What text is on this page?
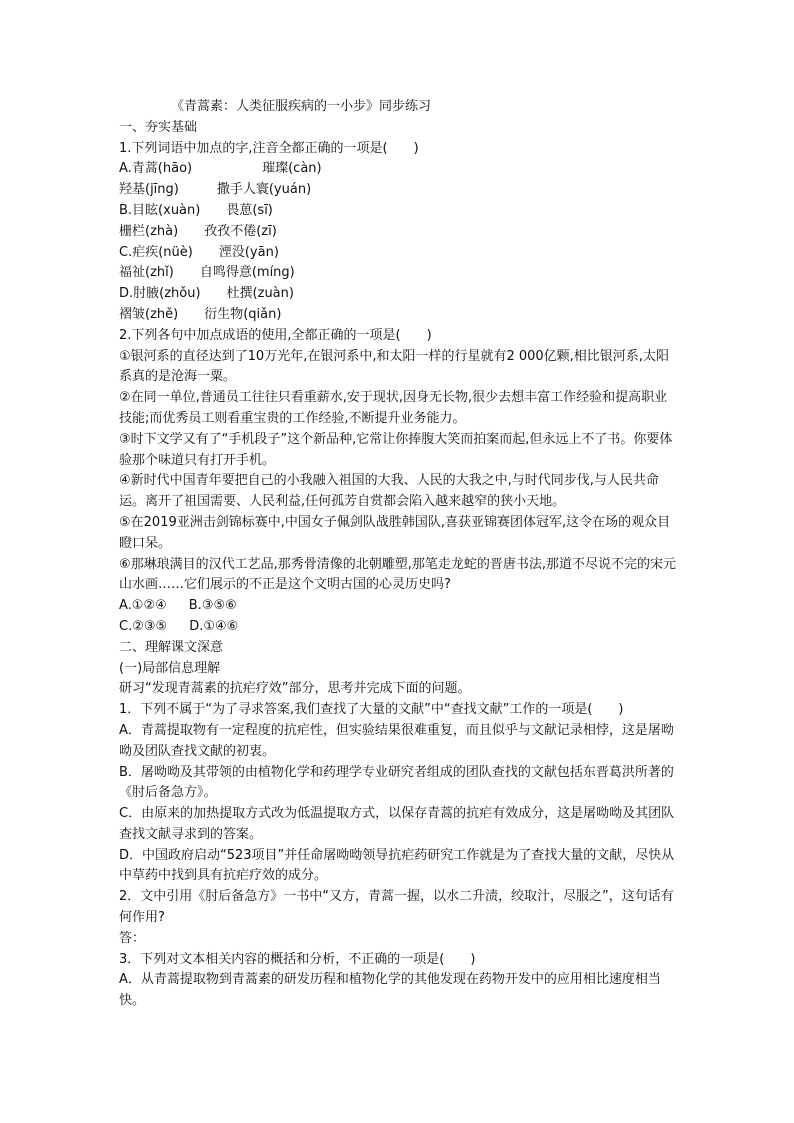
《青蒿素：人类征服疾病的一小步》同步练习
一、夯实基础
1.下列词语中加点的字,注音全都正确的一项是(　　)
A.青蒿(hāo)	璀璨(càn)
羟基(jīng)	撒手人寰(yuán)
B.目眩(xuàn) 畏葸(sī)
栅栏(zhà) 孜孜不倦(zī)
C.疟疾(nüè) 湮没(yān)
福祉(zhǐ) 自鸣得意(míng)
D.肘腋(zhǒu) 杜撰(zuàn)
褶皱(zhě) 衍生物(qiǎn)
2.下列各句中加点成语的使用,全都正确的一项是(　　)
①银河系的直径达到了10万光年,在银河系中,和太阳一样的行星就有2 000亿颗,相比银河系,太阳系真的是沧海一粟。
②在同一单位,普通员工往往只看重薪水,安于现状,因身无长物,很少去想丰富工作经验和提高职业技能;而优秀员工则看重宝贵的工作经验,不断提升业务能力。
③时下文学又有了“手机段子”这个新品种,它常让你捧腹大笑而拍案而起,但永远上不了书。你要体验那个味道只有打开手机。
④新时代中国青年要把自己的小我融入祖国的大我、人民的大我之中,与时代同步伐,与人民共命运。离开了祖国需要、人民利益,任何孤芳自赏都会陷入越来越窄的狭小天地。
⑤在2019亚洲击剑锦标赛中,中国女子佩剑队战胜韩国队,喜获亚锦赛团体冠军,这令在场的观众目瞪口呆。
⑥那琳琅满目的汉代工艺品,那秀骨清像的北朝雕塑,那笔走龙蛇的晋唐书法,那道不尽说不完的宋元山水画……它们展示的不正是这个文明古国的心灵历史吗?
A.①②④ B.③⑤⑥
C.②③⑤ D.①④⑥
二、理解课文深意
(一)局部信息理解
研习“发现青蒿素的抗疟疗效”部分，思考并完成下面的问题。
1．下列不属于“为了寻求答案,我们查找了大量的文献”中“查找文献”工作的一项是(　　)
A．青蒿提取物有一定程度的抗疟性，但实验结果很难重复，而且似乎与文献记录相悖，这是屠呦呦及团队查找文献的初衷。
B．屠呦呦及其带领的由植物化学和药理学专业研究者组成的团队查找的文献包括东晋葛洪所著的《肘后备急方》。
C．由原来的加热提取方式改为低温提取方式，以保存青蒿的抗疟有效成分，这是屠呦呦及其团队查找文献寻求到的答案。
D．中国政府启动“523项目”并任命屠呦呦领导抗疟药研究工作就是为了查找大量的文献，尽快从中草药中找到具有抗疟疗效的成分。
2．文中引用《肘后备急方》一书中“又方，青蒿一握，以水二升渍，绞取汁，尽服之”，这句话有何作用?
答：
3．下列对文本相关内容的概括和分析，不正确的一项是(　　)
A．从青蒿提取物到青蒿素的研发历程和植物化学的其他发现在药物开发中的应用相比速度相当快。
